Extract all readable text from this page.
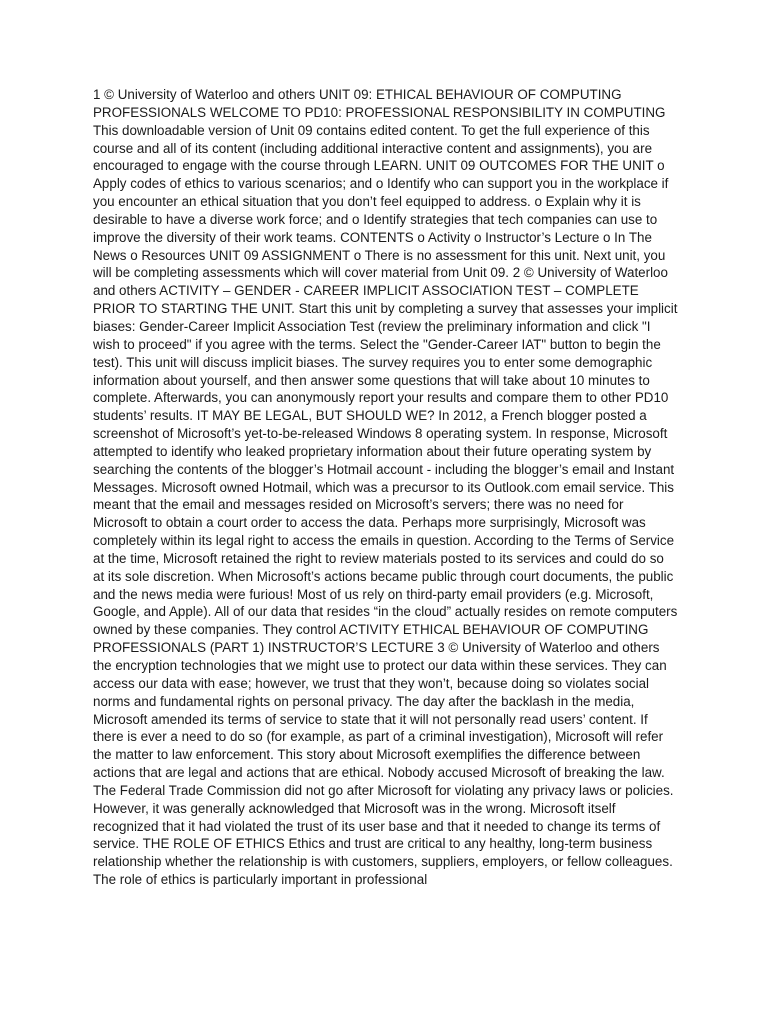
1 © University of Waterloo and others UNIT 09: ETHICAL BEHAVIOUR OF COMPUTING PROFESSIONALS WELCOME TO PD10: PROFESSIONAL RESPONSIBILITY IN COMPUTING This downloadable version of Unit 09 contains edited content. To get the full experience of this course and all of its content (including additional interactive content and assignments), you are encouraged to engage with the course through LEARN. UNIT 09 OUTCOMES FOR THE UNIT o Apply codes of ethics to various scenarios; and o Identify who can support you in the workplace if you encounter an ethical situation that you don’t feel equipped to address. o Explain why it is desirable to have a diverse work force; and o Identify strategies that tech companies can use to improve the diversity of their work teams. CONTENTS o Activity o Instructor’s Lecture o In The News o Resources UNIT 09 ASSIGNMENT o There is no assessment for this unit. Next unit, you will be completing assessments which will cover material from Unit 09. 2 © University of Waterloo and others ACTIVITY – GENDER - CAREER IMPLICIT ASSOCIATION TEST – COMPLETE PRIOR TO STARTING THE UNIT. Start this unit by completing a survey that assesses your implicit biases: Gender-Career Implicit Association Test (review the preliminary information and click "I wish to proceed" if you agree with the terms. Select the "Gender-Career IAT" button to begin the test). This unit will discuss implicit biases. The survey requires you to enter some demographic information about yourself, and then answer some questions that will take about 10 minutes to complete. Afterwards, you can anonymously report your results and compare them to other PD10 students’ results. IT MAY BE LEGAL, BUT SHOULD WE? In 2012, a French blogger posted a screenshot of Microsoft’s yet-to-be-released Windows 8 operating system. In response, Microsoft attempted to identify who leaked proprietary information about their future operating system by searching the contents of the blogger’s Hotmail account - including the blogger’s email and Instant Messages. Microsoft owned Hotmail, which was a precursor to its Outlook.com email service. This meant that the email and messages resided on Microsoft’s servers; there was no need for Microsoft to obtain a court order to access the data. Perhaps more surprisingly, Microsoft was completely within its legal right to access the emails in question. According to the Terms of Service at the time, Microsoft retained the right to review materials posted to its services and could do so at its sole discretion. When Microsoft’s actions became public through court documents, the public and the news media were furious! Most of us rely on third-party email providers (e.g. Microsoft, Google, and Apple). All of our data that resides “in the cloud” actually resides on remote computers owned by these companies. They control ACTIVITY ETHICAL BEHAVIOUR OF COMPUTING PROFESSIONALS (PART 1) INSTRUCTOR’S LECTURE 3 © University of Waterloo and others the encryption technologies that we might use to protect our data within these services. They can access our data with ease; however, we trust that they won’t, because doing so violates social norms and fundamental rights on personal privacy. The day after the backlash in the media, Microsoft amended its terms of service to state that it will not personally read users’ content. If there is ever a need to do so (for example, as part of a criminal investigation), Microsoft will refer the matter to law enforcement. This story about Microsoft exemplifies the difference between actions that are legal and actions that are ethical. Nobody accused Microsoft of breaking the law. The Federal Trade Commission did not go after Microsoft for violating any privacy laws or policies. However, it was generally acknowledged that Microsoft was in the wrong. Microsoft itself recognized that it had violated the trust of its user base and that it needed to change its terms of service. THE ROLE OF ETHICS Ethics and trust are critical to any healthy, long-term business relationship whether the relationship is with customers, suppliers, employers, or fellow colleagues. The role of ethics is particularly important in professional
